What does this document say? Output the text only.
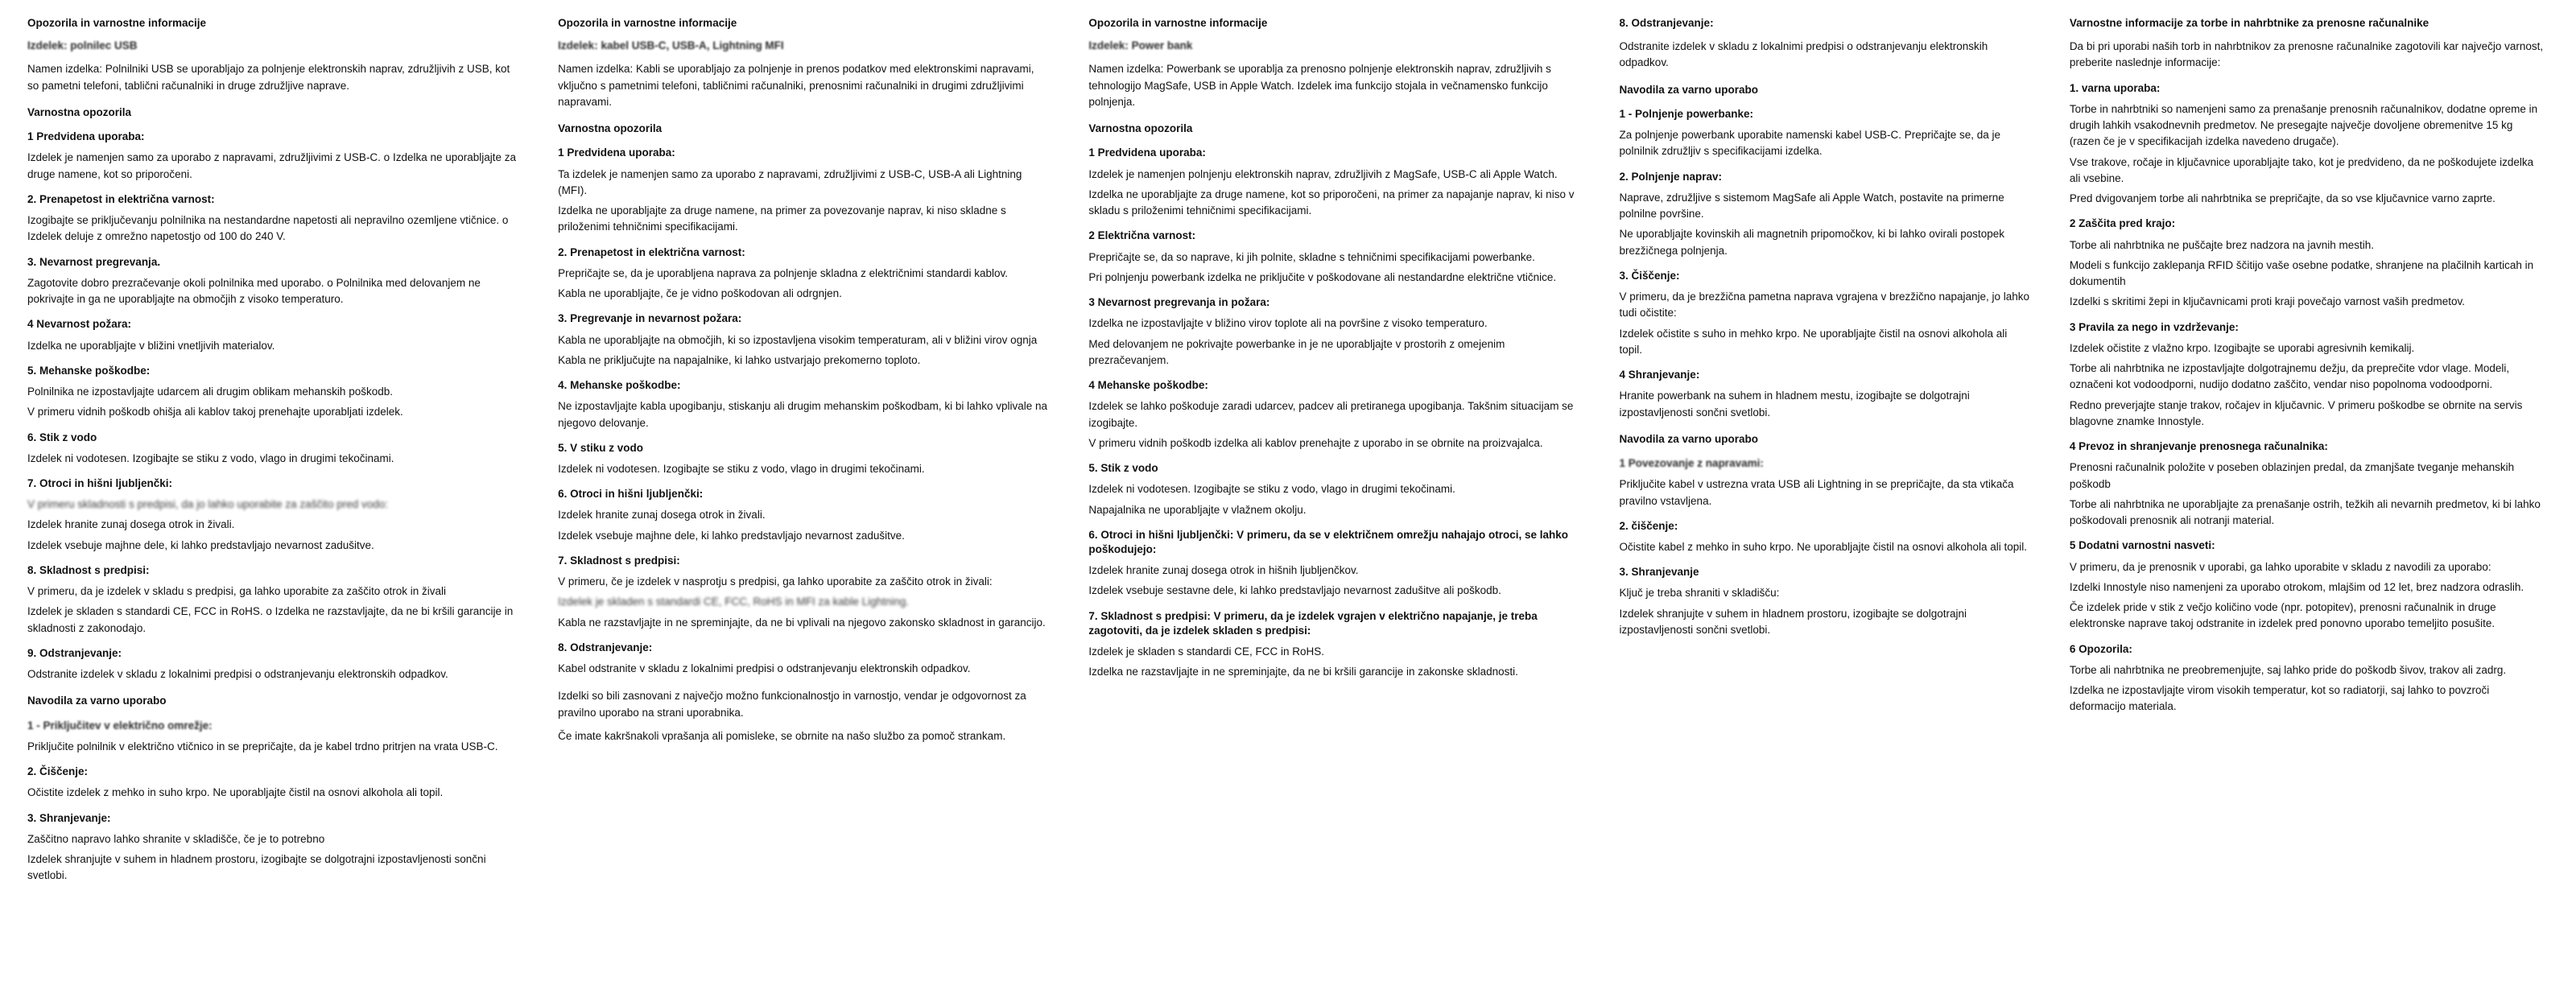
Opozorila in varnostne informacije
Izdelek: polnilec USB
Namen izdelka: Polnilniki USB se uporabljajo za polnjenje elektronskih naprav, združljivih z USB, kot so pametni telefoni, tablični računalniki in druge združljive naprave.
Varnostna opozorila
1 Predvidena uporaba:
Izdelek je namenjen samo za uporabo z napravami, združljivimi z USB-C. o Izdelka ne uporabljajte za druge namene, kot so priporočeni.
2. Prenapetost in električna varnost:
Izogibajte se priključevanju polnilnika na nestandardne napetosti ali nepravilno ozemljene vtičnice. o Izdelek deluje z omrežno napetostjo od 100 do 240 V.
3. Nevarnost pregrevanja.
Zagotovite dobro prezračevanje okoli polnilnika med uporabo. o Polnilnika med delovanjem ne pokrivajte in ga ne uporabljajte na območjih z visoko temperaturo.
4 Nevarnost požara:
Izdelka ne uporabljajte v bližini vnetljivih materialov.
5. Mehanske poškodbe:
Polnilnika ne izpostavljajte udarcem ali drugim oblikam mehanskih poškodb.
V primeru vidnih poškodb ohišja ali kablov takoj prenehajte uporabljati izdelek.
6. Stik z vodo
Izdelek ni vodotesen. Izogibajte se stiku z vodo, vlago in drugimi tekočinami.
7. Otroci in hišni ljubljenčki:
V primeru skladnosti s predpisi, da jo lahko uporabite za zaščito pred vodo:
Izdelek hranite zunaj dosega otrok in živali.
Izdelek vsebuje majhne dele, ki lahko predstavljajo nevarnost zadušitve.
8. Skladnost s predpisi:
V primeru, da je izdelek v skladu s predpisi, ga lahko uporabite za zaščito otrok in živali
Izdelek je skladen s standardi CE, FCC in RoHS. o Izdelka ne razstavljajte, da ne bi kršili garancije in skladnosti z zakonodajo.
9. Odstranjevanje:
Odstranite izdelek v skladu z lokalnimi predpisi o odstranjevanju elektronskih odpadkov.
Navodila za varno uporabo
1 - Priključitev v električno omrežje:
Priključite polnilnik v električno vtičnico in se prepričajte, da je kabel trdno pritrjen na vrata USB-C.
2. Čiščenje:
Očistite izdelek z mehko in suho krpo. Ne uporabljajte čistil na osnovi alkohola ali topil.
3. Shranjevanje:
Zaščitno napravo lahko shranite v skladišče, če je to potrebno
Izdelek shranjujte v suhem in hladnem prostoru, izogibajte se dolgotrajni izpostavljenosti sončni svetlobi.
Opozorila in varnostne informacije
Izdelek: kabel USB-C, USB-A, Lightning MFI
Namen izdelka: Kabli se uporabljajo za polnjenje in prenos podatkov med elektronskimi napravami, vključno s pametnimi telefoni, tabličnimi računalniki, prenosnimi računalniki in drugimi združljivimi napravami.
Varnostna opozorila
1 Predvidena uporaba:
Ta izdelek je namenjen samo za uporabo z napravami, združljivimi z USB-C, USB-A ali Lightning (MFI).
Izdelka ne uporabljajte za druge namene, na primer za povezovanje naprav, ki niso skladne s priloženimi tehničnimi specifikacijami.
2. Prenapetost in električna varnost:
Prepričajte se, da je uporabljena naprava za polnjenje skladna z električnimi standardi kablov.
Kabla ne uporabljajte, če je vidno poškodovan ali odrgnjen.
3. Pregrevanje in nevarnost požara:
Kabla ne uporabljajte na območjih, ki so izpostavljena visokim temperaturam, ali v bližini virov ognja
Kabla ne priključujte na napajalnike, ki lahko ustvarjajo prekomerno toploto.
4. Mehanske poškodbe:
Ne izpostavljajte kabla upogibanju, stiskanju ali drugim mehanskim poškodbam, ki bi lahko vplivale na njegovo delovanje.
5. V stiku z vodo
Izdelek ni vodotesen. Izogibajte se stiku z vodo, vlago in drugimi tekočinami.
6. Otroci in hišni ljubljenčki:
Izdelek hranite zunaj dosega otrok in živali.
Izdelek vsebuje majhne dele, ki lahko predstavljajo nevarnost zadušitve.
7. Skladnost s predpisi:
V primeru, če je izdelek v nasprotju s predpisi, ga lahko uporabite za zaščito otrok in živali:
Izdelek je skladen s standardi CE, FCC, RoHS in MFI za kable Lightning.
Kabla ne razstavljajte in ne spreminjajte, da ne bi vplivali na njegovo zakonsko skladnost in garancijo.
8. Odstranjevanje:
Kabel odstranite v skladu z lokalnimi predpisi o odstranjevanju elektronskih odpadkov.
Izdelki so bili zasnovani z največjo možno funkcionalnostjo in varnostjo, vendar je odgovornost za pravilno uporabo na strani uporabnika.
Če imate kakršnakoli vprašanja ali pomisleke, se obrnite na našo službo za pomoč strankam.
Opozorila in varnostne informacije
Izdelek: Power bank
Namen izdelka: Powerbank se uporablja za prenosno polnjenje elektronskih naprav, združljivih s tehnologijo MagSafe, USB in Apple Watch. Izdelek ima funkcijo stojala in večnamensko funkcijo polnjenja.
Varnostna opozorila
1 Predvidena uporaba:
Izdelek je namenjen polnjenju elektronskih naprav, združljivih z MagSafe, USB-C ali Apple Watch.
Izdelka ne uporabljajte za druge namene, kot so priporočeni, na primer za napajanje naprav, ki niso v skladu s priloženimi tehničnimi specifikacijami.
2 Električna varnost:
Prepričajte se, da so naprave, ki jih polnite, skladne s tehničnimi specifikacijami powerbanke.
Pri polnjenju powerbank izdelka ne priključite v poškodovane ali nestandardne električne vtičnice.
3 Nevarnost pregrevanja in požara:
Izdelka ne izpostavljajte v bližino virov toplote ali na površine z visoko temperaturo.
Med delovanjem ne pokrivajte powerbanke in je ne uporabljajte v prostorih z omejenim prezračevanjem.
4 Mehanske poškodbe:
Izdelek se lahko poškoduje zaradi udarcev, padcev ali pretiranega upogibanja. Takšnim situacijam se izogibajte.
V primeru vidnih poškodb izdelka ali kablov prenehajte z uporabo in se obrnite na proizvajalca.
5. Stik z vodo
Izdelek ni vodotesen. Izogibajte se stiku z vodo, vlago in drugimi tekočinami.
Napajalnika ne uporabljajte v vlažnem okolju.
6. Otroci in hišni ljubljenčki: V primeru, da se v električnem omrežju nahajajo otroci, se lahko poškodujejo:
Izdelek hranite zunaj dosega otrok in hišnih ljubljenčkov.
Izdelek vsebuje sestavne dele, ki lahko predstavljajo nevarnost zadušitve ali poškodb.
7. Skladnost s predpisi: V primeru, da je izdelek vgrajen v električno napajanje, je treba zagotoviti, da je izdelek skladen s predpisi:
Izdelek je skladen s standardi CE, FCC in RoHS.
Izdelka ne razstavljajte in ne spreminjajte, da ne bi kršili garancije in zakonske skladnosti.
8. Odstranjevanje:
Odstranite izdelek v skladu z lokalnimi predpisi o odstranjevanju elektronskih odpadkov.
Navodila za varno uporabo
1 - Polnjenje powerbanke:
Za polnjenje powerbank uporabite namenski kabel USB-C. Prepričajte se, da je polnilnik združljiv s specifikacijami izdelka.
2. Polnjenje naprav:
Naprave, združljive s sistemom MagSafe ali Apple Watch, postavite na primerne polnilne površine.
Ne uporabljajte kovinskih ali magnetnih pripomočkov, ki bi lahko ovirali postopek brezžičnega polnjenja.
3. Čiščenje:
V primeru, da je brezžična pametna naprava vgrajena v brezžično napajanje, jo lahko tudi očistite:
Izdelek očistite s suho in mehko krpo. Ne uporabljajte čistil na osnovi alkohola ali topil.
4 Shranjevanje:
Hranite powerbank na suhem in hladnem mestu, izogibajte se dolgotrajni izpostavljenosti sončni svetlobi.
Navodila za varno uporabo
1 Povezovanje z napravami:
Priključite kabel v ustrezna vrata USB ali Lightning in se prepričajte, da sta vtikača pravilno vstavljena.
2. čiščenje:
Očistite kabel z mehko in suho krpo. Ne uporabljajte čistil na osnovi alkohola ali topil.
3. Shranjevanje
Ključ je treba shraniti v skladišču:
Izdelek shranjujte v suhem in hladnem prostoru, izogibajte se dolgotrajni izpostavljenosti sončni svetlobi.
Varnostne informacije za torbe in nahrbtnike za prenosne računalnike
Da bi pri uporabi naših torb in nahrbtnikov za prenosne računalnike zagotovili kar največjo varnost, preberite naslednje informacije:
1. varna uporaba:
Torbe in nahrbtniki so namenjeni samo za prenašanje prenosnih računalnikov, dodatne opreme in drugih lahkih vsakodnevnih predmetov. Ne presegajte največje dovoljene obremenitve 15 kg (razen če je v specifikacijah izdelka navedeno drugače).
Vse trakove, ročaje in ključavnice uporabljajte tako, kot je predvideno, da ne poškodujete izdelka ali vsebine.
Pred dvigovanjem torbe ali nahrbtnika se prepričajte, da so vse ključavnice varno zaprte.
2 Zaščita pred krajo:
Torbe ali nahrbtnika ne puščajte brez nadzora na javnih mestih.
Modeli s funkcijo zaklepanja RFID ščitijo vaše osebne podatke, shranjene na plačilnih karticah in dokumentih
Izdelki s skritimi žepi in ključavnicami proti kraji povečajo varnost vaših predmetov.
3 Pravila za nego in vzdrževanje:
Izdelek očistite z vlažno krpo. Izogibajte se uporabi agresivnih kemikalij.
Torbe ali nahrbtnika ne izpostavljajte dolgotrajnemu dežju, da preprečite vdor vlage. Modeli, označeni kot vodoodporni, nudijo dodatno zaščito, vendar niso popolnoma vodoodporni.
Redno preverjajte stanje trakov, ročajev in ključavnic. V primeru poškodbe se obrnite na servis blagovne znamke Innostyle.
4 Prevoz in shranjevanje prenosnega računalnika:
Prenosni računalnik položite v poseben oblazinjen predal, da zmanjšate tveganje mehanskih poškodb
Torbe ali nahrbtnika ne uporabljajte za prenašanje ostrih, težkih ali nevarnih predmetov, ki bi lahko poškodovali prenosnik ali notranji material.
5 Dodatni varnostni nasveti:
V primeru, da je prenosnik v uporabi, ga lahko uporabite v skladu z navodili za uporabo:
Izdelki Innostyle niso namenjeni za uporabo otrokom, mlajšim od 12 let, brez nadzora odraslih.
Če izdelek pride v stik z večjo količino vode (npr. potopitev), prenosni računalnik in druge elektronske naprave takoj odstranite in izdelek pred ponovno uporabo temeljito posušite.
6 Opozorila:
Torbe ali nahrbtnika ne preobremenjujte, saj lahko pride do poškodb šivov, trakov ali zadrg.
Izdelka ne izpostavljajte virom visokih temperatur, kot so radiatorji, saj lahko to povzroči deformacijo materiala.
